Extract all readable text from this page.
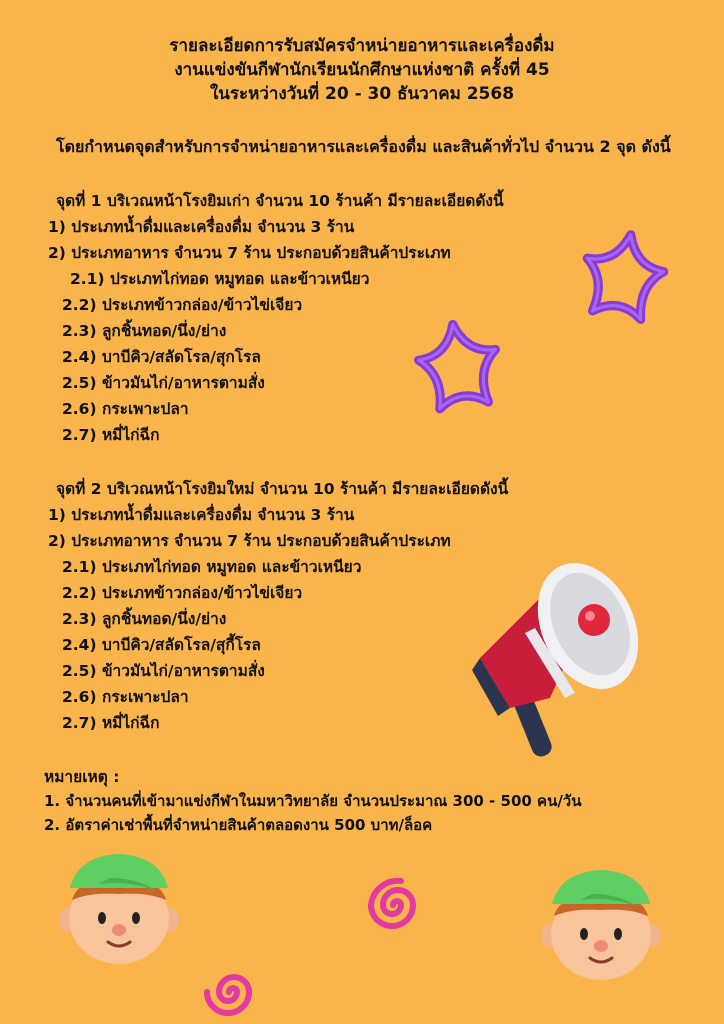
รายละเอียดการรับสมัครจำหน่ายอาหารและเครื่องดื่ม
งานแข่งขันกีฬานักเรียนนักศึกษาแห่งชาติ ครั้งที่ 45
ในระหว่างวันที่ 20 - 30 ธันวาคม 2568
โดยกำหนดจุดสำหรับการจำหน่ายอาหารและเครื่องดื่ม และสินค้าทั่วไป จำนวน 2 จุด ดังนี้
จุดที่ 1 บริเวณหน้าโรงยิมเก่า จำนวน 10 ร้านค้า มีรายละเอียดดังนี้
1) ประเภทน้ำดื่มและเครื่องดื่ม จำนวน 3 ร้าน
2) ประเภทอาหาร จำนวน 7 ร้าน ประกอบด้วยสินค้าประเภท
2.1) ประเภทไก่ทอด หมูทอด และข้าวเหนียว
2.2) ประเภทข้าวกล่อง/ข้าวไข่เจียว
2.3) ลูกชิ้นทอด/นึ่ง/ย่าง
2.4) บาบีคิว/สลัดโรล/สุกโรล
2.5) ข้าวมันไก่/อาหารตามสั่ง
2.6) กระเพาะปลา
2.7) หมี่ไก่ฉีก
จุดที่ 2 บริเวณหน้าโรงยิมใหม่ จำนวน 10 ร้านค้า มีรายละเอียดดังนี้
1) ประเภทน้ำดื่มและเครื่องดื่ม จำนวน 3 ร้าน
2) ประเภทอาหาร จำนวน 7 ร้าน ประกอบด้วยสินค้าประเภท
2.1) ประเภทไก่ทอด หมูทอด และข้าวเหนียว
2.2) ประเภทข้าวกล่อง/ข้าวไข่เจียว
2.3) ลูกชิ้นทอด/นึ่ง/ย่าง
2.4) บาบีคิว/สลัดโรล/สุกี้โรล
2.5) ข้าวมันไก่/อาหารตามสั่ง
2.6) กระเพาะปลา
2.7) หมี่ไก่ฉีก
หมายเหตุ :
1. จำนวนคนที่เข้ามาแข่งกีฬาในมหาวิทยาลัย จำนวนประมาณ 300 - 500 คน/วัน
2. อัตราค่าเช่าพื้นที่จำหน่ายสินค้าตลอดงาน 500 บาท/ล็อค
